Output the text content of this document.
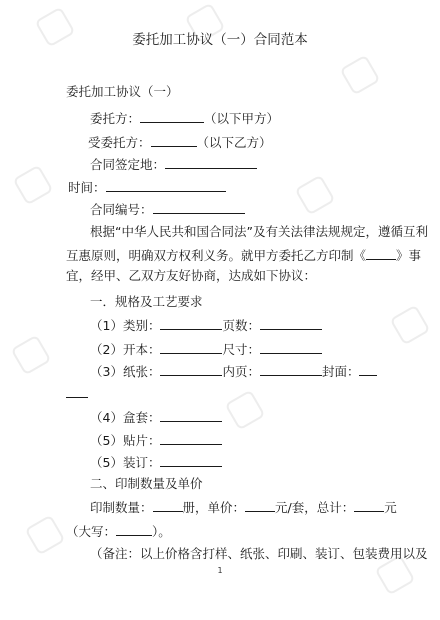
委托加工协议（一）合同范本
委托加工协议（一）
委托方：	（以下甲方）
受委托方：	（以下乙方）
合同签定地：
时间：
合同编号：
根据“中华人民共和国合同法”及有关法律法规规定，遵循互利
互惠原则，明确双方权利义务。就甲方委托乙方印制《 》事
宜，经甲、乙双方友好协商，达成如下协议：
一．规格及工艺要求
（1）类别：	页数：
（2）开本：	尺寸：
（3）纸张：	内页：	封面：
（4）盒套：
（5）贴片：
（5）装订：
二、印制数量及单价
印制数量： 册，单价： 元/套，总计： 元
（大写：	）。
（备注：以上价格含打样、纸张、印刷、装订、包装费用以及
1
